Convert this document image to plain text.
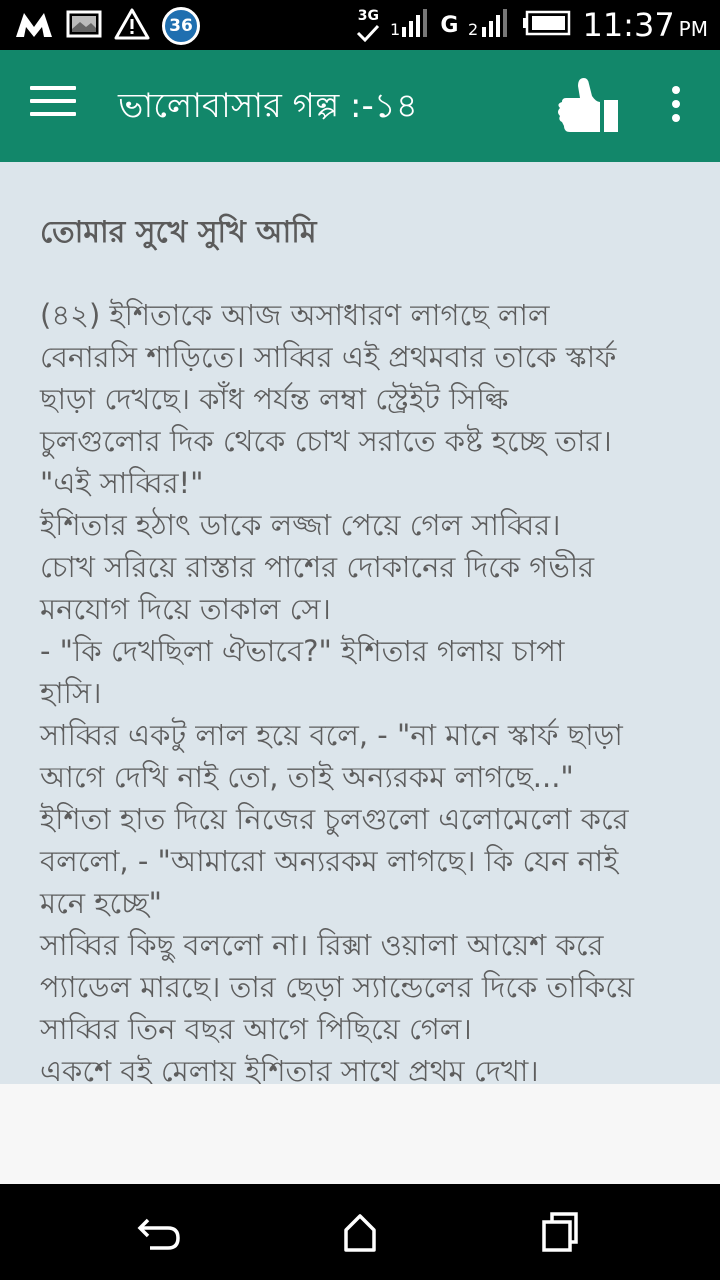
36	3G
1 G 2	11:37 PM
ভালোবাসার গল্প :-১৪
তোমার সুখে সুখি আমি
(৪২) ইশিতাকে আজ অসাধারণ লাগছে লাল
বেনারসি শাড়িতে। সাব্বির এই প্রথমবার তাকে স্কার্ফ
ছাড়া দেখছে। কাঁধ পর্যন্ত লম্বা স্ট্রেইট সিল্কি
চুলগুলোর দিক থেকে চোখ সরাতে কষ্ট হচ্ছে তার।
"এই সাব্বির!"
ইশিতার হঠাৎ ডাকে লজ্জা পেয়ে গেল সাব্বির।
চোখ সরিয়ে রাস্তার পাশের দোকানের দিকে গভীর
মনযোগ দিয়ে তাকাল সে।
- "কি দেখছিলা ঐভাবে?" ইশিতার গলায় চাপা
হাসি।
সাব্বির একটু লাল হয়ে বলে, - "না মানে স্কার্ফ ছাড়া
আগে দেখি নাই তো, তাই অন্যরকম লাগছে..."
ইশিতা হাত দিয়ে নিজের চুলগুলো এলোমেলো করে
বললো, - "আমারো অন্যরকম লাগছে। কি যেন নাই
মনে হচ্ছে"
সাব্বির কিছু বললো না। রিক্সা ওয়ালা আয়েশ করে
প্যাডেল মারছে। তার ছেড়া স্যান্ডেলের দিকে তাকিয়ে
সাব্বির তিন বছর আগে পিছিয়ে গেল।
একশে বই মেলায় ইশিতার সাথে প্রথম দেখা।
